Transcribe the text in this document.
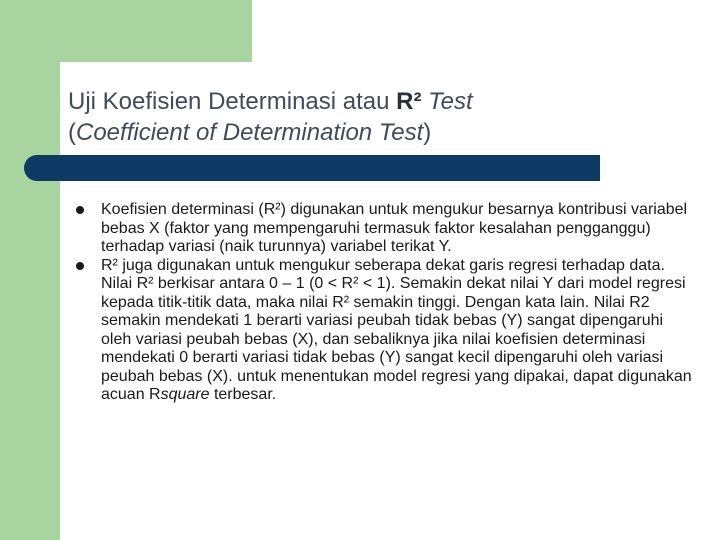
Uji Koefisien Determinasi atau R² Test
(Coefficient of Determination Test)
Koefisien determinasi (R²) digunakan untuk mengukur besarnya kontribusi variabel bebas X (faktor yang mempengaruhi termasuk faktor kesalahan pengganggu) terhadap variasi (naik turunnya) variabel terikat Y.
R² juga digunakan untuk mengukur seberapa dekat garis regresi terhadap data. Nilai R² berkisar antara 0 – 1 (0 < R² < 1). Semakin dekat nilai Y dari model regresi kepada titik-titik data, maka nilai R² semakin tinggi. Dengan kata lain. Nilai R2 semakin mendekati 1 berarti variasi peubah tidak bebas (Y) sangat dipengaruhi oleh variasi peubah bebas (X), dan sebaliknya jika nilai koefisien determinasi mendekati 0 berarti variasi tidak bebas (Y) sangat kecil dipengaruhi oleh variasi peubah bebas (X). untuk menentukan model regresi yang dipakai, dapat digunakan acuan Rsquare terbesar.
